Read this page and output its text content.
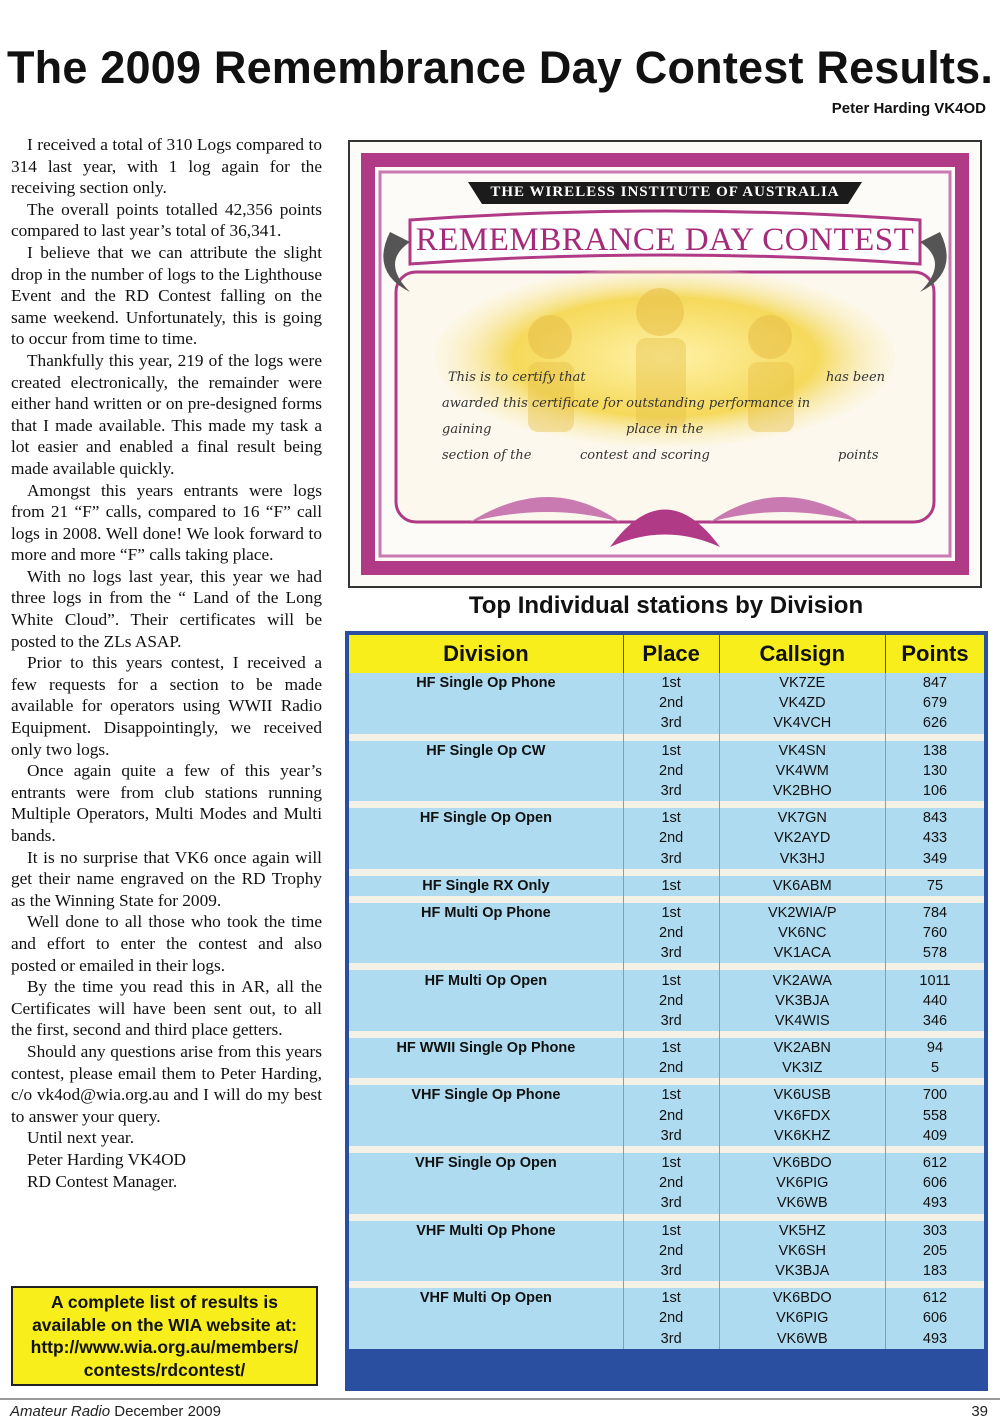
The 2009 Remembrance Day Contest Results.
Peter Harding VK4OD

I received a total of 310 Logs compared to 314 last year, with 1 log again for the receiving section only.

The overall points totalled 42,356 points compared to last year’s total of 36,341.

I believe that we can attribute the slight drop in the number of logs to the Lighthouse Event and the RD Contest falling on the same weekend. Unfortunately, this is going to occur from time to time.

Thankfully this year, 219 of the logs were created electronically, the remainder were either hand written or on pre-designed forms that I made available. This made my task a lot easier and enabled a final result being made available quickly.

Amongst this years entrants were logs from 21 “F” calls, compared to 16 “F” call logs in 2008. Well done! We look forward to more and more “F” calls taking place.

With no logs last year, this year we had three logs in from the “ Land of the Long White Cloud”. Their certificates will be posted to the ZLs ASAP.

Prior to this years contest, I received a few requests for a section to be made available for operators using WWII Radio Equipment. Disappointingly, we received only two logs.

Once again quite a few of this year’s entrants were from club stations running Multiple Operators, Multi Modes and Multi bands.

It is no surprise that VK6 once again will get their name engraved on the RD Trophy as the Winning State for 2009.

Well done to all those who took the time and effort to enter the contest and also posted or emailed in their logs.

By the time you read this in AR, all the Certificates will have been sent out, to all the first, second and third place getters.

Should any questions arise from this years contest, please email them to Peter Harding, c/o vk4od@wia.org.au and I will do my best to answer your query.

Until next year.

Peter Harding VK4OD

RD Contest Manager.

A complete list of results is
available on the WIA website at:
http://www.wia.org.au/members/
contests/rdcontest/
THE WIRELESS INSTITUTE OF AUSTRALIA
REMEMBRANCE DAY CONTEST
This is to certify that	has been
awarded this certificate for outstanding performance in
gaining	place in the
section of the	contest and scoring	points
Top Individual stations by Division
Division	Place	Callsign	Points
HF Single Op Phone	1st	VK7ZE	847
	2nd	VK4ZD	679
	3rd	VK4VCH	626

HF Single Op CW	1st	VK4SN	138
	2nd	VK4WM	130
	3rd	VK2BHO	106

HF Single Op Open	1st	VK7GN	843
	2nd	VK2AYD	433
	3rd	VK3HJ	349

HF Single RX Only	1st	VK6ABM	75

HF Multi Op Phone	1st	VK2WIA/P	784
	2nd	VK6NC	760
	3rd	VK1ACA	578

HF Multi Op Open	1st	VK2AWA	1011
	2nd	VK3BJA	440
	3rd	VK4WIS	346

HF WWII Single Op Phone	1st	VK2ABN	94
	2nd	VK3IZ	5

VHF Single Op Phone	1st	VK6USB	700
	2nd	VK6FDX	558
	3rd	VK6KHZ	409

VHF Single Op Open	1st	VK6BDO	612
	2nd	VK6PIG	606
	3rd	VK6WB	493

VHF Multi Op Phone	1st	VK5HZ	303
	2nd	VK6SH	205
	3rd	VK3BJA	183

VHF Multi Op Open	1st	VK6BDO	612
	2nd	VK6PIG	606
	3rd	VK6WB	493
Amateur Radio December 2009	39
